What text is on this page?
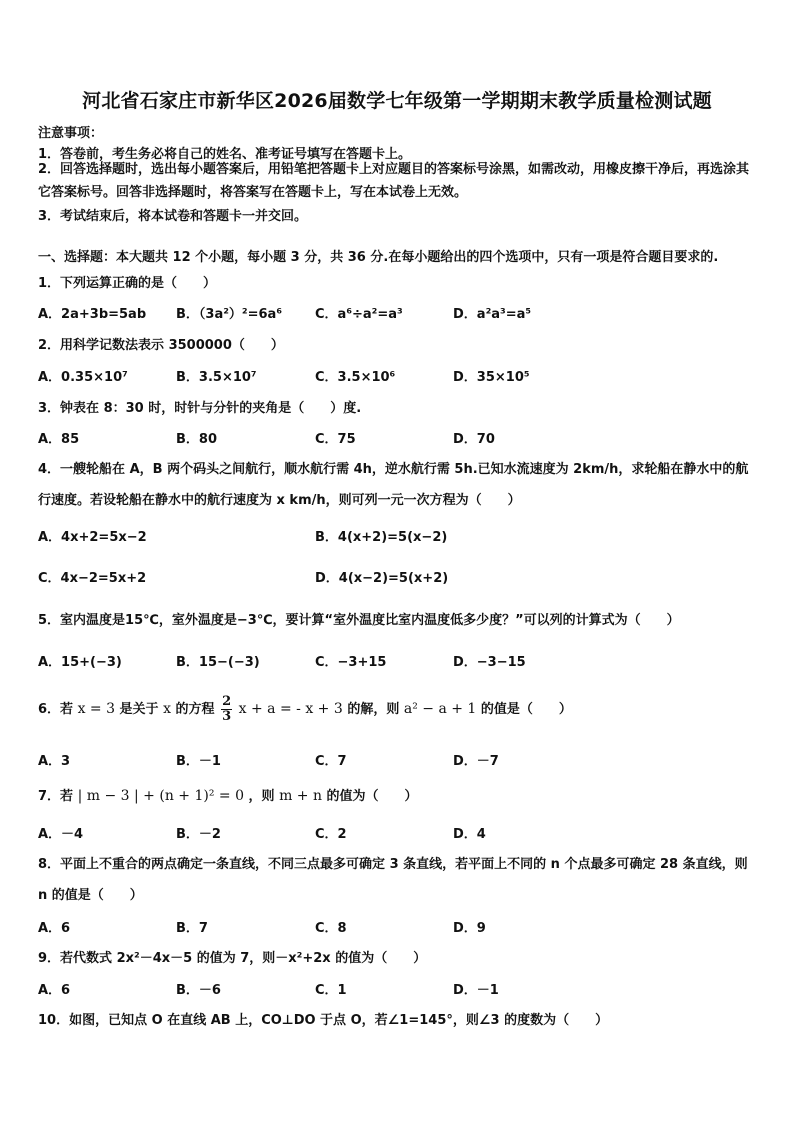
河北省石家庄市新华区2026届数学七年级第一学期期末教学质量检测试题
注意事项：
1．答卷前，考生务必将自己的姓名、准考证号填写在答题卡上。
2．回答选择题时，选出每小题答案后，用铅笔把答题卡上对应题目的答案标号涂黑，如需改动，用橡皮擦干净后，再选涂其它答案标号。回答非选择题时，将答案写在答题卡上，写在本试卷上无效。
3．考试结束后，将本试卷和答题卡一并交回。
一、选择题：本大题共 12 个小题，每小题 3 分，共 36 分.在每小题给出的四个选项中，只有一项是符合题目要求的.
1．下列运算正确的是（　　）
A．2a+3b=5ab B．（3a²）²=6a⁶	C．a⁶÷a²=a³	D．a²a³=a⁵
2．用科学记数法表示 3500000（　　）
A．0.35×10⁷	B．3.5×10⁷	C．3.5×10⁶	D．35×10⁵
3．钟表在 8：30 时，时针与分针的夹角是（　　）度.
A．85	B．80	C．75	D．70
4．一艘轮船在 A，B 两个码头之间航行，顺水航行需 4h，逆水航行需 5h.已知水流速度为 2km/h，求轮船在静水中的航行速度。若设轮船在静水中的航行速度为 x km/h，则可列一元一次方程为（　　）
A．4x+2=5x−2	B．4(x+2)=5(x−2)
C．4x−2=5x+2	D．4(x−2)=5(x+2)
5．室内温度是15℃，室外温度是−3℃，要计算“室外温度比室内温度低多少度？”可以列的计算式为（　　）
A．15+(−3)	B．15−(−3)	C．−3+15	D．−3−15
6．若 x = 3 是关于 x 的方程 $\frac{2}{3}$ x + a = - x + 3 的解，则 a² − a + 1 的值是（　　）
A．3	B．－1	C．7	D．－7
7．若 | m − 3 | + (n + 1)² = 0 ，则 m + n 的值为（　　）
A．－4	B．－2	C．2	D．4
8．平面上不重合的两点确定一条直线，不同三点最多可确定 3 条直线，若平面上不同的 n 个点最多可确定 28 条直线，则 n 的值是（　　）
A．6	B．7	C．8	D．9
9．若代数式 2x²－4x－5 的值为 7，则－x²+2x 的值为（　　）
A．6	B．－6	C．1	D．－1
10．如图，已知点 O 在直线 AB 上，CO⊥DO 于点 O，若∠1=145°，则∠3 的度数为（　　）
